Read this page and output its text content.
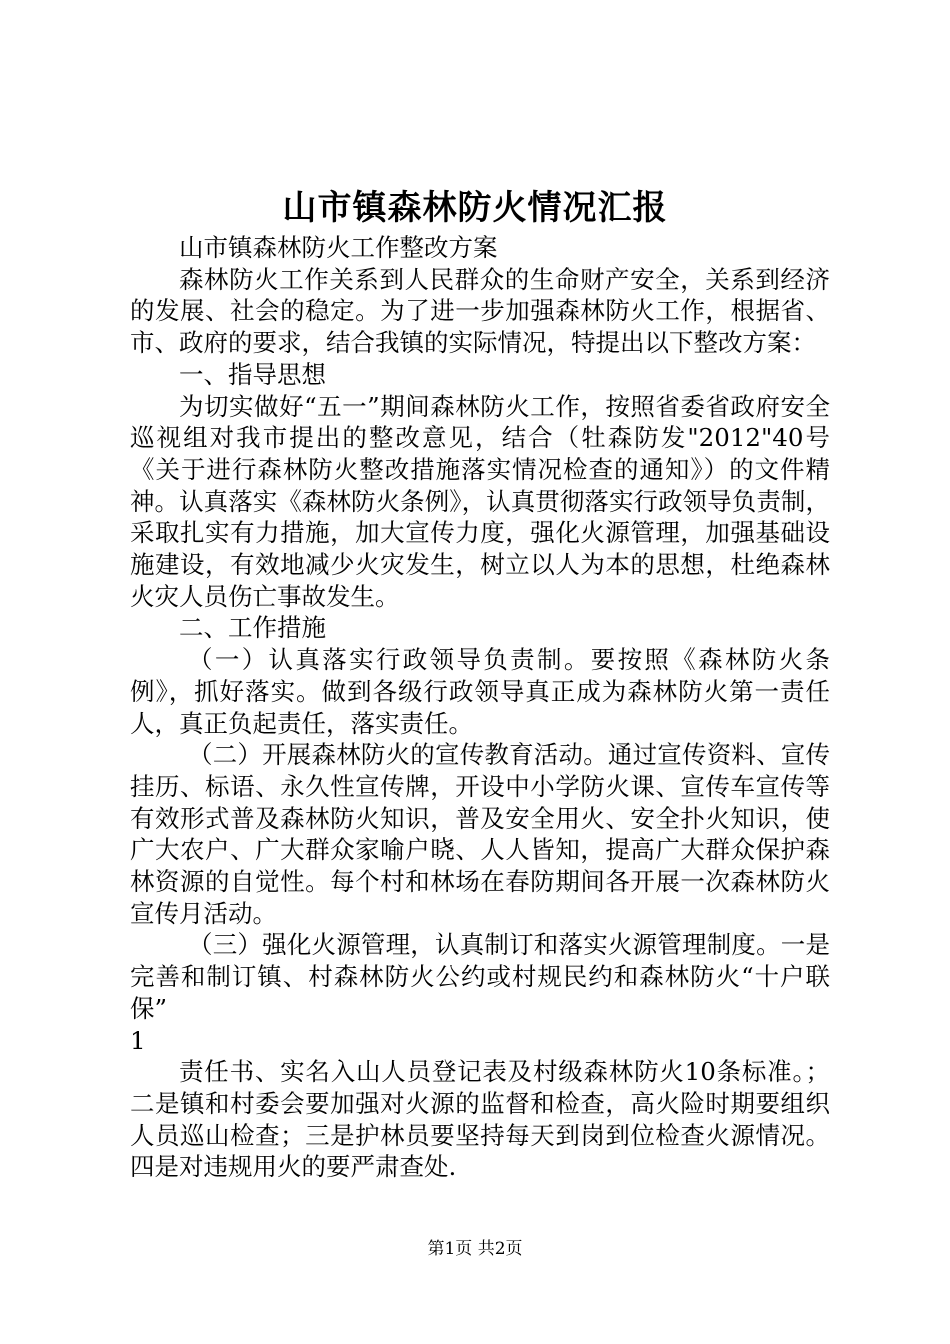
山市镇森林防火情况汇报

山市镇森林防火工作整改方案

森林防火工作关系到人民群众的生命财产安全，关系到经济的发展、社会的稳定。为了进一步加强森林防火工作，根据省、市、政府的要求，结合我镇的实际情况，特提出以下整改方案：

一、指导思想

为切实做好“五一”期间森林防火工作，按照省委省政府安全巡视组对我市提出的整改意见，结合（牡森防发"2012"40号《关于进行森林防火整改措施落实情况检查的通知》）的文件精神。认真落实《森林防火条例》，认真贯彻落实行政领导负责制，采取扎实有力措施，加大宣传力度，强化火源管理，加强基础设施建设，有效地减少火灾发生，树立以人为本的思想，杜绝森林火灾人员伤亡事故发生。

二、工作措施

（一）认真落实行政领导负责制。要按照《森林防火条例》，抓好落实。做到各级行政领导真正成为森林防火第一责任人，真正负起责任，落实责任。

（二）开展森林防火的宣传教育活动。通过宣传资料、宣传挂历、标语、永久性宣传牌，开设中小学防火课、宣传车宣传等有效形式普及森林防火知识，普及安全用火、安全扑火知识，使广大农户、广大群众家喻户晓、人人皆知，提高广大群众保护森林资源的自觉性。每个村和林场在春防期间各开展一次森林防火宣传月活动。

（三）强化火源管理，认真制订和落实火源管理制度。一是完善和制订镇、村森林防火公约或村规民约和森林防火“十户联保”

1

责任书、实名入山人员登记表及村级森林防火10条标准。；二是镇和村委会要加强对火源的监督和检查，高火险时期要组织人员巡山检查；三是护林员要坚持每天到岗到位检查火源情况。四是对违规用火的要严肃查处.

第1页 共2页
